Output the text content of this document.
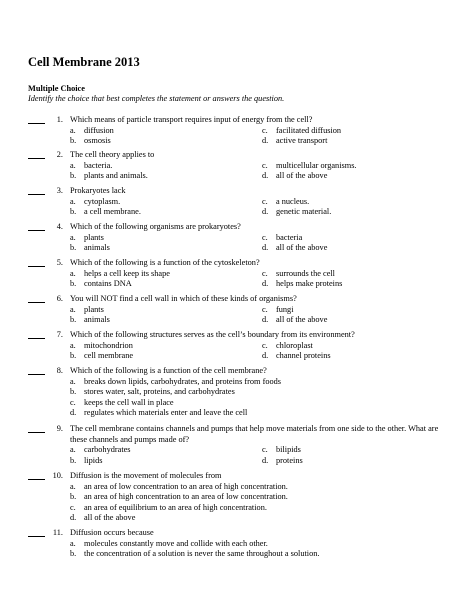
Cell Membrane 2013
Multiple Choice
Identify the choice that best completes the statement or answers the question.
1. Which means of particle transport requires input of energy from the cell?
a. diffusion
b. osmosis
c. facilitated diffusion
d. active transport
2. The cell theory applies to
a. bacteria.
b. plants and animals.
c. multicellular organisms.
d. all of the above
3. Prokaryotes lack
a. cytoplasm.
b. a cell membrane.
c. a nucleus.
d. genetic material.
4. Which of the following organisms are prokaryotes?
a. plants
b. animals
c. bacteria
d. all of the above
5. Which of the following is a function of the cytoskeleton?
a. helps a cell keep its shape
b. contains DNA
c. surrounds the cell
d. helps make proteins
6. You will NOT find a cell wall in which of these kinds of organisms?
a. plants
b. animals
c. fungi
d. all of the above
7. Which of the following structures serves as the cell’s boundary from its environment?
a. mitochondrion
b. cell membrane
c. chloroplast
d. channel proteins
8. Which of the following is a function of the cell membrane?
a. breaks down lipids, carbohydrates, and proteins from foods
b. stores water, salt, proteins, and carbohydrates
c. keeps the cell wall in place
d. regulates which materials enter and leave the cell
9. The cell membrane contains channels and pumps that help move materials from one side to the other. What are these channels and pumps made of?
a. carbohydrates
b. lipids
c. bilipids
d. proteins
10. Diffusion is the movement of molecules from
a. an area of low concentration to an area of high concentration.
b. an area of high concentration to an area of low concentration.
c. an area of equilibrium to an area of high concentration.
d. all of the above
11. Diffusion occurs because
a. molecules constantly move and collide with each other.
b. the concentration of a solution is never the same throughout a solution.
